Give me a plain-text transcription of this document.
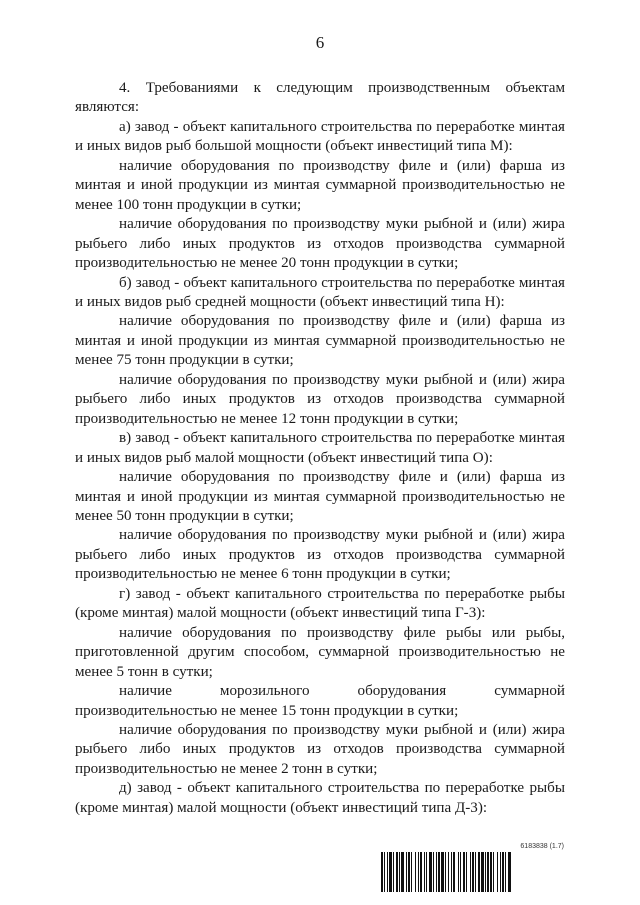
6

4. Требованиями к следующим производственным объектам являются:

а) завод - объект капитального строительства по переработке минтая и иных видов рыб большой мощности (объект инвестиций типа М):

наличие оборудования по производству филе и (или) фарша из минтая и иной продукции из минтая суммарной производительностью не менее 100 тонн продукции в сутки;

наличие оборудования по производству муки рыбной и (или) жира рыбьего либо иных продуктов из отходов производства суммарной производительностью не менее 20 тонн продукции в сутки;

б) завод - объект капитального строительства по переработке минтая и иных видов рыб средней мощности (объект инвестиций типа Н):

наличие оборудования по производству филе и (или) фарша из минтая и иной продукции из минтая суммарной производительностью не менее 75 тонн продукции в сутки;

наличие оборудования по производству муки рыбной и (или) жира рыбьего либо иных продуктов из отходов производства суммарной производительностью не менее 12 тонн продукции в сутки;

в) завод - объект капитального строительства по переработке минтая и иных видов рыб малой мощности (объект инвестиций типа О):

наличие оборудования по производству филе и (или) фарша из минтая и иной продукции из минтая суммарной производительностью не менее 50 тонн продукции в сутки;

наличие оборудования по производству муки рыбной и (или) жира рыбьего либо иных продуктов из отходов производства суммарной производительностью не менее 6 тонн продукции в сутки;

г) завод - объект капитального строительства по переработке рыбы (кроме минтая) малой мощности (объект инвестиций типа Г-3):

наличие оборудования по производству филе рыбы или рыбы, приготовленной другим способом, суммарной производительностью не менее 5 тонн в сутки;

наличие морозильного оборудования суммарной производительностью не менее 15 тонн продукции в сутки;

наличие оборудования по производству муки рыбной и (или) жира рыбьего либо иных продуктов из отходов производства суммарной производительностью не менее 2 тонн в сутки;

д) завод - объект капитального строительства по переработке рыбы (кроме минтая) малой мощности (объект инвестиций типа Д-3):

6183838 (1.7)
